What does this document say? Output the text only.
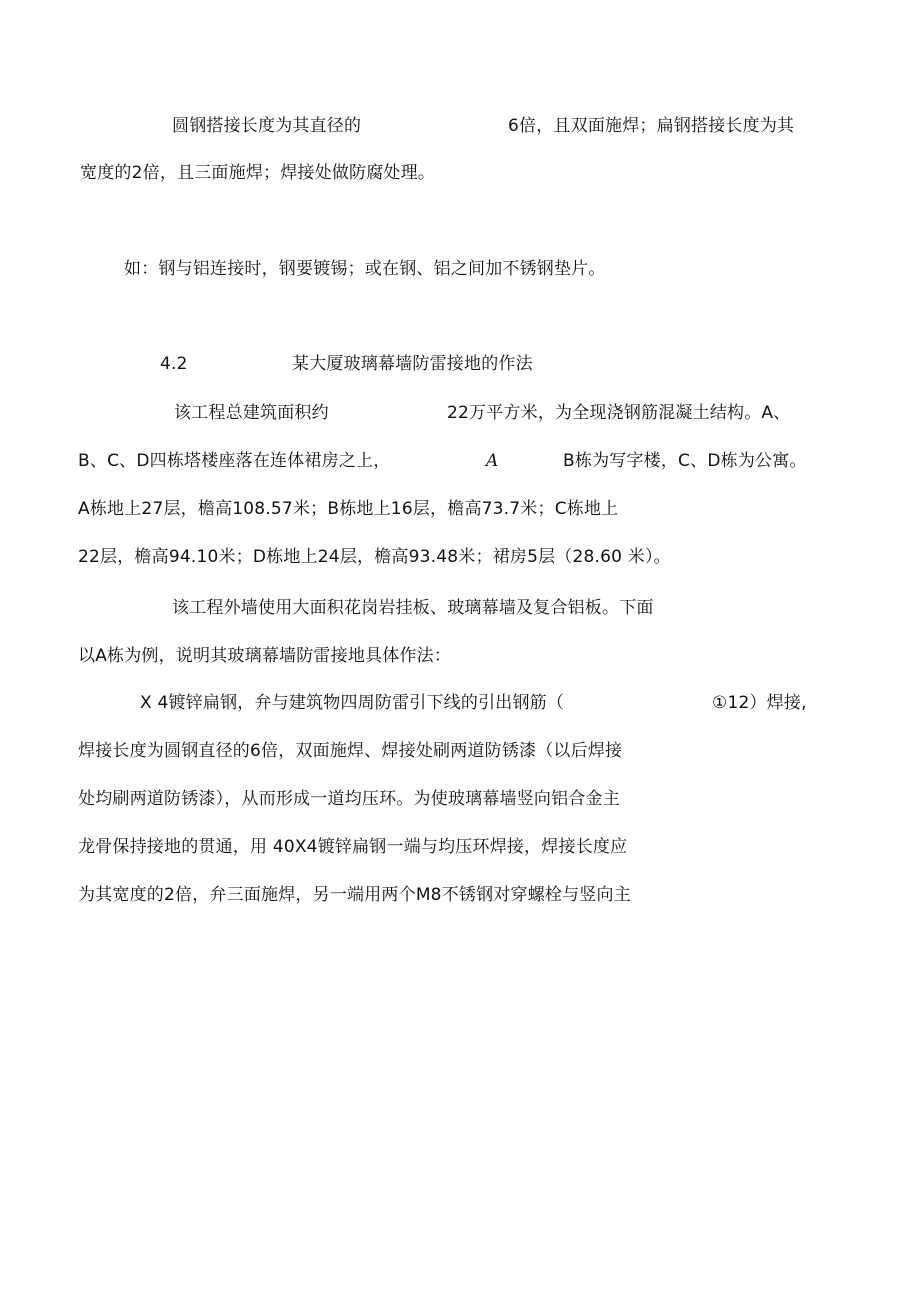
圆钢搭接长度为其直径的	6倍，且双面施焊；扁钢搭接长度为其
宽度的2倍，且三面施焊；焊接处做防腐处理。
如：钢与铝连接时，钢要镀锡；或在钢、铝之间加不锈钢垫片。
4.2	某大厦玻璃幕墙防雷接地的作法
该工程总建筑面积约	22万平方米，为全现浇钢筋混凝土结构。A、
B、C、D四栋塔楼座落在连体裙房之上，	A	B栋为写字楼，C、D栋为公寓。
A栋地上27层，檐高108.57米；B栋地上16层，檐高73.7米；C栋地上
22层，檐高94.10米；D栋地上24层，檐高93.48米；裙房5层（28.60 米）。
该工程外墙使用大面积花岗岩挂板、玻璃幕墙及复合铝板。下面
以A栋为例，说明其玻璃幕墙防雷接地具体作法：
X 4镀锌扁钢，弁与建筑物四周防雷引下线的引出钢筋（	①12）焊接,
焊接长度为圆钢直径的6倍，双面施焊、焊接处刷两道防锈漆（以后焊接
处均刷两道防锈漆），从而形成一道均压环。为使玻璃幕墙竖向铝合金主
龙骨保持接地的贯通，用 40X4镀锌扁钢一端与均压环焊接，焊接长度应
为其宽度的2倍，弁三面施焊，另一端用两个M8不锈钢对穿螺栓与竖向主
